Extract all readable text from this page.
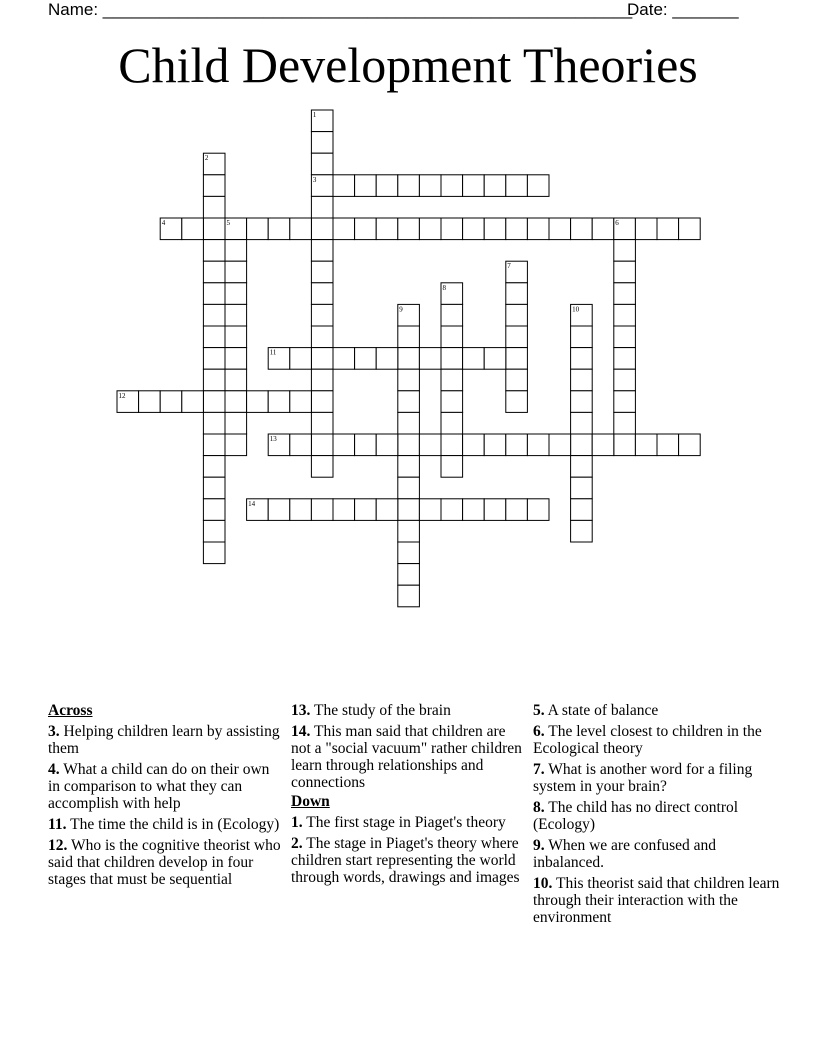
Name: ________________________________________________________
Date: _______
Child Development Theories
1
2
3
4	5	6
7
8
9	10
11
12
13
14
Across
3. Helping children learn by assisting them
4. What a child can do on their own in comparison to what they can accomplish with help
11. The time the child is in (Ecology)
12. Who is the cognitive theorist who said that children develop in four stages that must be sequential
13. The study of the brain
14. This man said that children are not a "social vacuum" rather children learn through relationships and connections
Down
1. The first stage in Piaget's theory
2. The stage in Piaget's theory where children start representing the world through words, drawings and images
5. A state of balance
6. The level closest to children in the Ecological theory
7. What is another word for a filing system in your brain?
8. The child has no direct control (Ecology)
9. When we are confused and inbalanced.
10. This theorist said that children learn through their interaction with the environment
